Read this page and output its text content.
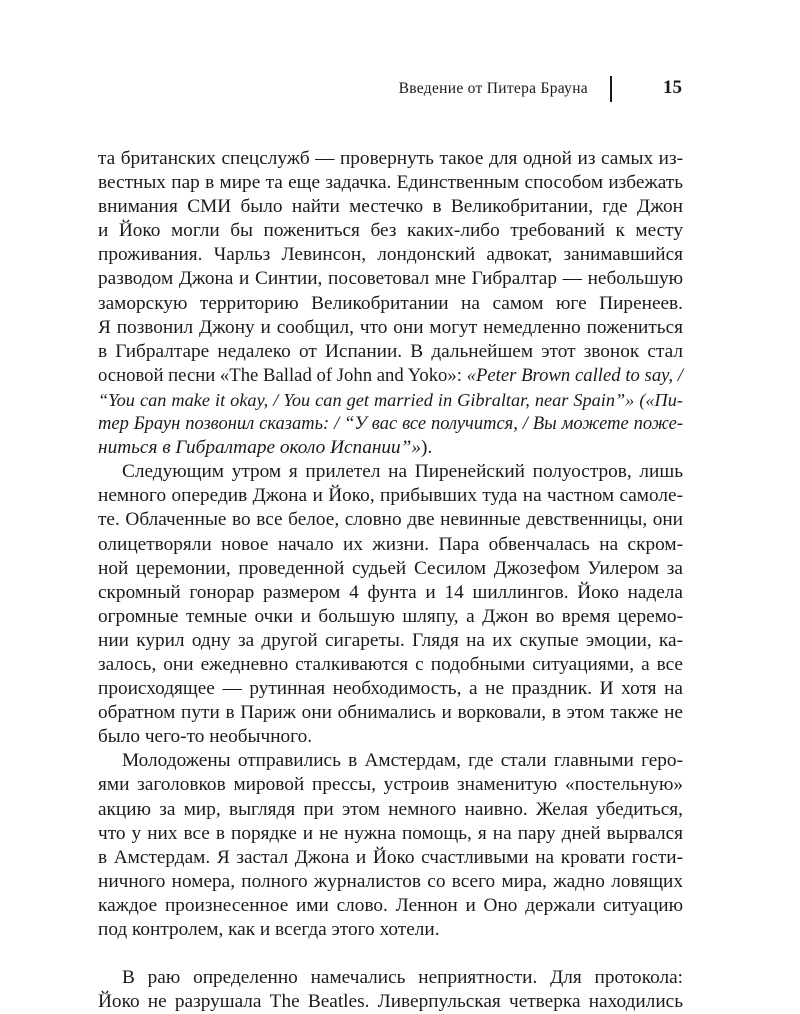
Введение от Питера Брауна	15
та британских спецслужб — провернуть такое для одной из самых из-
вестных пар в мире та еще задачка. Единственным способом избежать
внимания СМИ было найти местечко в Великобритании, где Джон
и Йоко могли бы пожениться без каких-либо требований к месту
проживания. Чарльз Левинсон, лондонский адвокат, занимавшийся
разводом Джона и Синтии, посоветовал мне Гибралтар — небольшую
заморскую территорию Великобритании на самом юге Пиренеев.
Я позвонил Джону и сообщил, что они могут немедленно пожениться
в Гибралтаре недалеко от Испании. В дальнейшем этот звонок стал
основой песни «The Ballad of John and Yoko»: «Peter Brown called to say, /
“You can make it okay, / You can get married in Gibraltar, near Spain”» («Пи-
тер Браун позвонил сказать: / “У вас все получится, / Вы можете поже-
ниться в Гибралтаре около Испании”»).
Следующим утром я прилетел на Пиренейский полуостров, лишь
немного опередив Джона и Йоко, прибывших туда на частном самоле-
те. Облаченные во все белое, словно две невинные девственницы, они
олицетворяли новое начало их жизни. Пара обвенчалась на скром-
ной церемонии, проведенной судьей Сесилом Джозефом Уилером за
скромный гонорар размером 4 фунта и 14 шиллингов. Йоко надела
огромные темные очки и большую шляпу, а Джон во время церемо-
нии курил одну за другой сигареты. Глядя на их скупые эмоции, ка-
залось, они ежедневно сталкиваются с подобными ситуациями, а все
происходящее — рутинная необходимость, а не праздник. И хотя на
обратном пути в Париж они обнимались и ворковали, в этом также не
было чего-то необычного.
Молодожены отправились в Амстердам, где стали главными геро-
ями заголовков мировой прессы, устроив знаменитую «постельную»
акцию за мир, выглядя при этом немного наивно. Желая убедиться,
что у них все в порядке и не нужна помощь, я на пару дней вырвался
в Амстердам. Я застал Джона и Йоко счастливыми на кровати гости-
ничного номера, полного журналистов со всего мира, жадно ловящих
каждое произнесенное ими слово. Леннон и Оно держали ситуацию
под контролем, как и всегда этого хотели.
В раю определенно намечались неприятности. Для протокола:
Йоко не разрушала The Beatles. Ливерпульская четверка находились
